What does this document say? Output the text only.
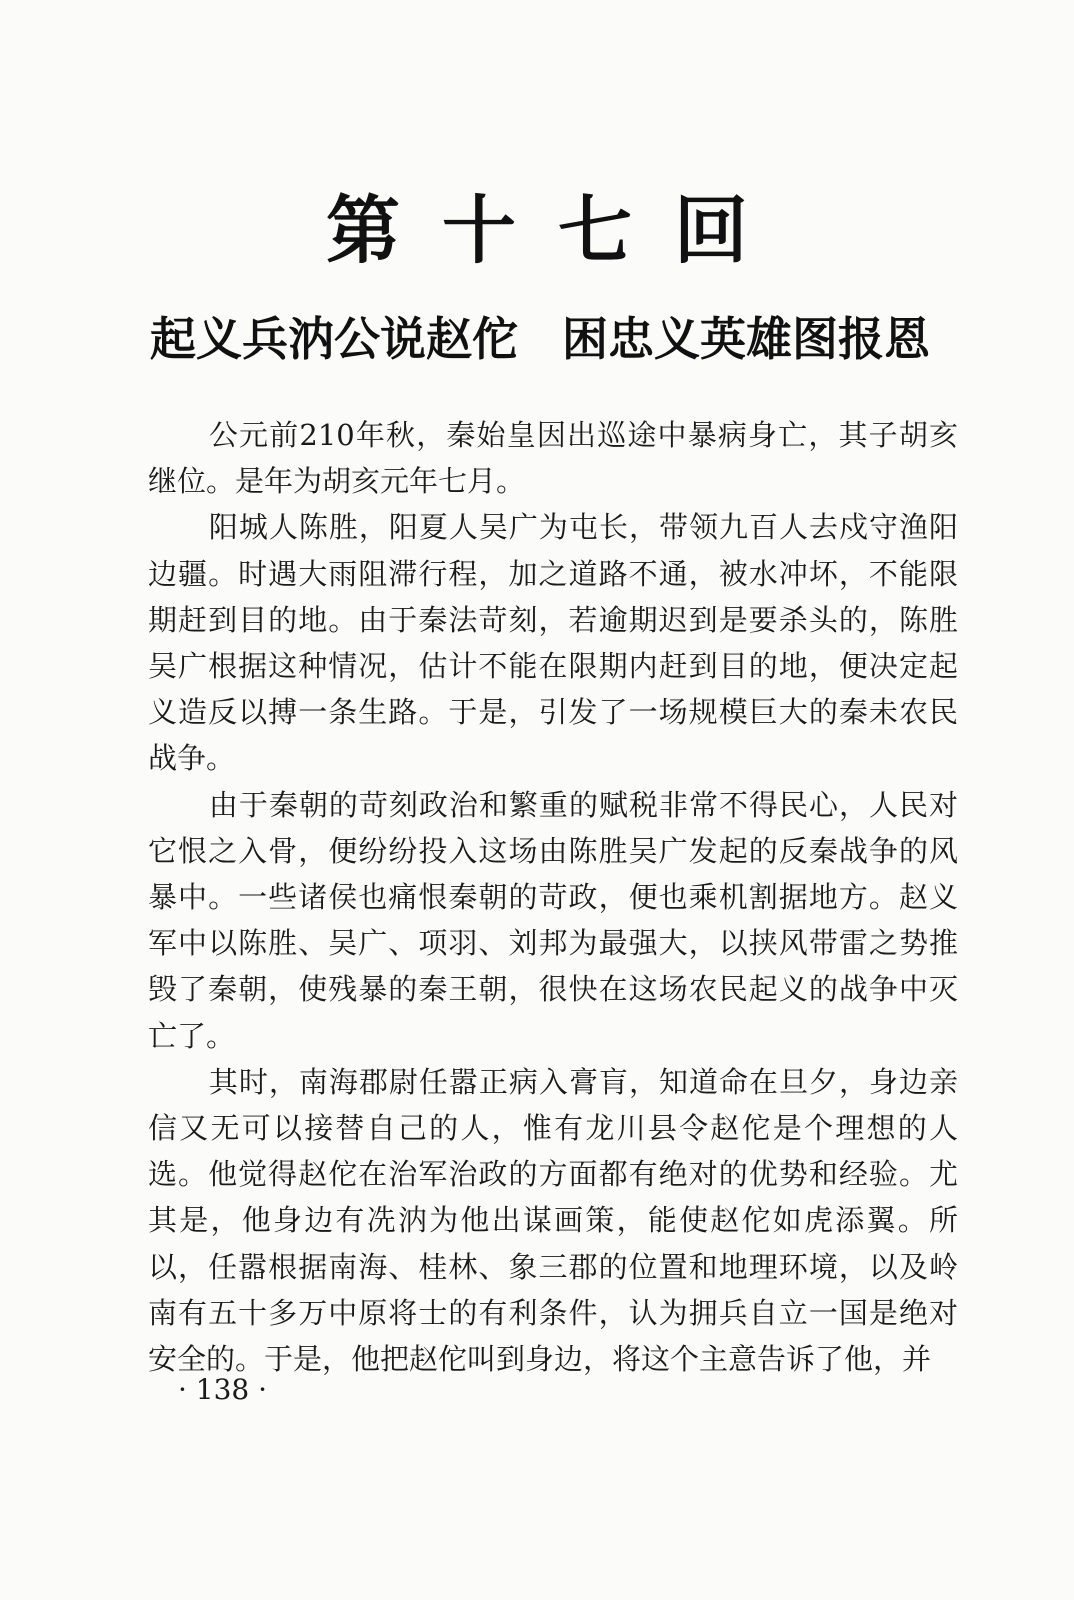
第十七回
起义兵汭公说赵佗 困忠义英雄图报恩

公元前210年秋，秦始皇因出巡途中暴病身亡，其子胡亥继位。是年为胡亥元年七月。

阳城人陈胜，阳夏人吴广为屯长，带领九百人去戍守渔阳边疆。时遇大雨阻滞行程，加之道路不通，被水冲坏，不能限期赶到目的地。由于秦法苛刻，若逾期迟到是要杀头的，陈胜吴广根据这种情况，估计不能在限期内赶到目的地，便决定起义造反以搏一条生路。于是，引发了一场规模巨大的秦未农民战争。

由于秦朝的苛刻政治和繁重的赋税非常不得民心，人民对它恨之入骨，便纷纷投入这场由陈胜吴广发起的反秦战争的风暴中。一些诸侯也痛恨秦朝的苛政，便也乘机割据地方。赵义军中以陈胜、吴广、项羽、刘邦为最强大，以挟风带雷之势推毁了秦朝，使残暴的秦王朝，很快在这场农民起义的战争中灭亡了。

其时，南海郡尉任嚣正病入膏肓，知道命在旦夕，身边亲信又无可以接替自己的人，惟有龙川县令赵佗是个理想的人选。他觉得赵佗在治军治政的方面都有绝对的优势和经验。尤其是，他身边有冼汭为他出谋画策，能使赵佗如虎添翼。所以，任嚣根据南海、桂林、象三郡的位置和地理环境，以及岭南有五十多万中原将士的有利条件，认为拥兵自立一国是绝对安全的。于是，他把赵佗叫到身边，将这个主意告诉了他，并

· 138 ·
